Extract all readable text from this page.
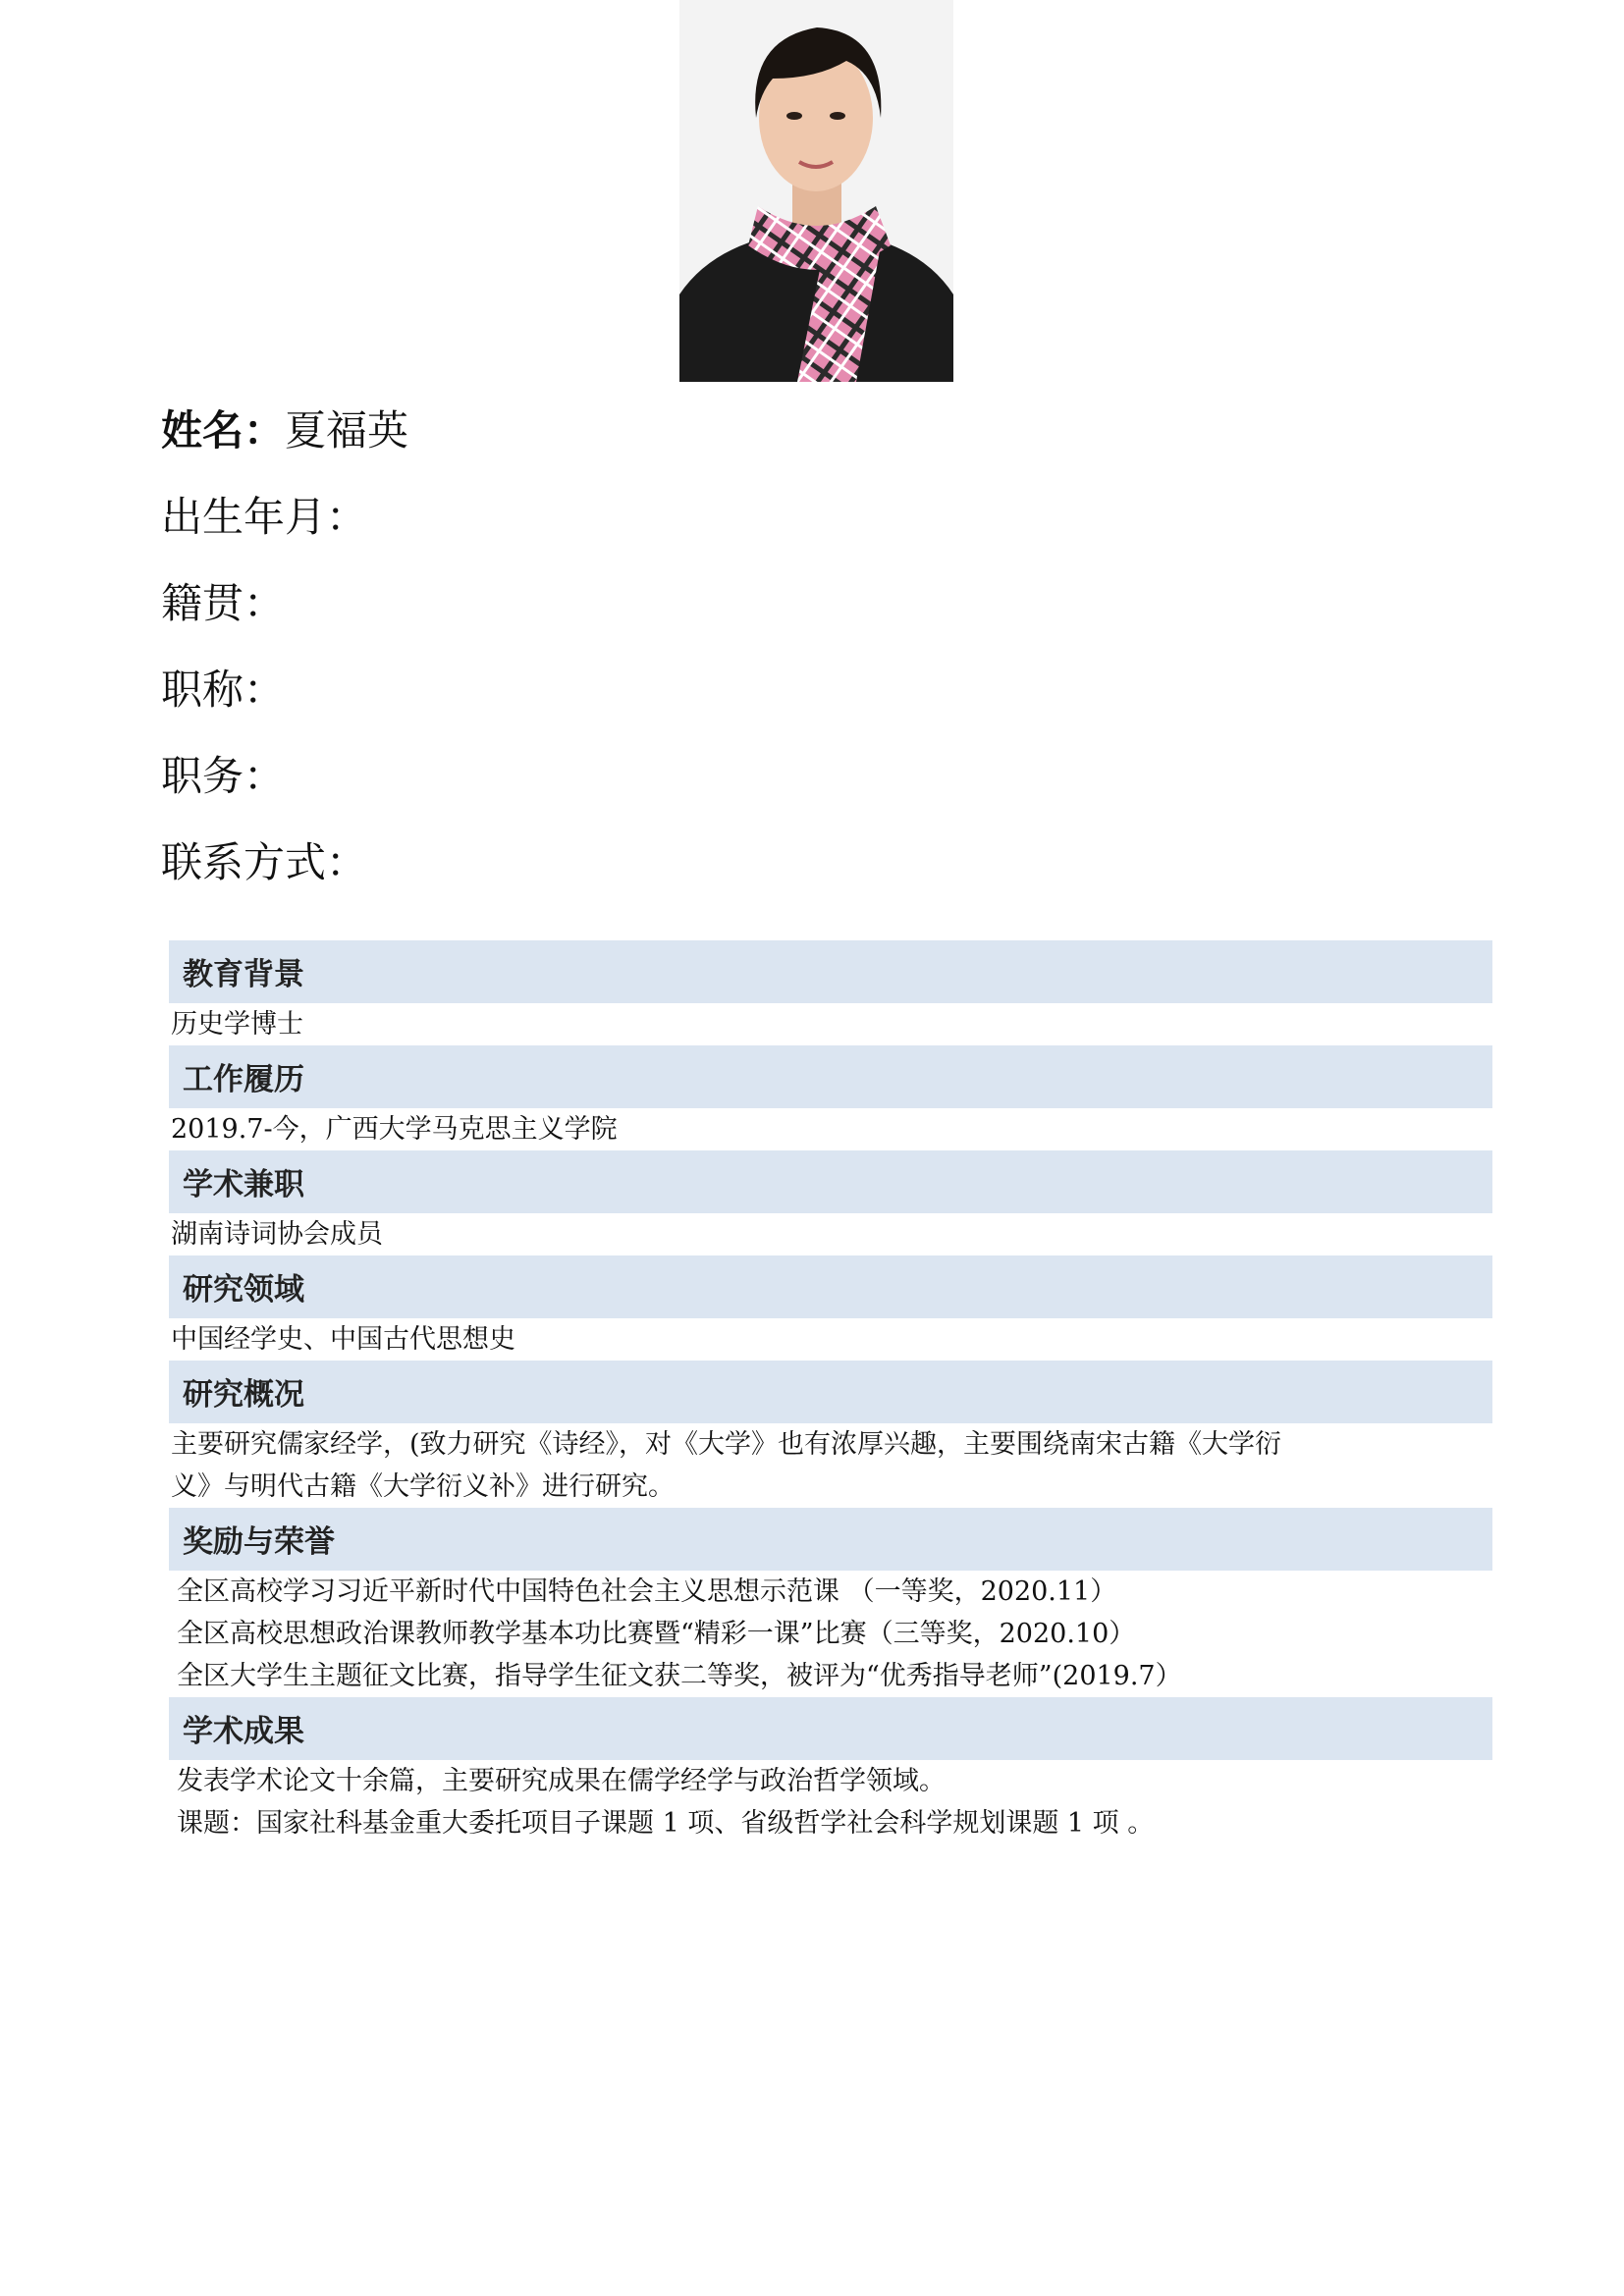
姓名：夏福英
出生年月：
籍贯：
职称：
职务：
联系方式：
教育背景
历史学博士
工作履历
2019.7-今，广西大学马克思主义学院
学术兼职
湖南诗词协会成员
研究领域
中国经学史、中国古代思想史
研究概况
主要研究儒家经学，(致力研究《诗经》，对《大学》也有浓厚兴趣，主要围绕南宋古籍《大学衍
义》与明代古籍《大学衍义补》进行研究。
奖励与荣誉
全区高校学习习近平新时代中国特色社会主义思想示范课 （一等奖，2020.11）
全区高校思想政治课教师教学基本功比赛暨“精彩一课”比赛（三等奖，2020.10）
全区大学生主题征文比赛，指导学生征文获二等奖，被评为“优秀指导老师”(2019.7）
学术成果
发表学术论文十余篇，主要研究成果在儒学经学与政治哲学领域。
课题：国家社科基金重大委托项目子课题 1 项、省级哲学社会科学规划课题 1 项 。
